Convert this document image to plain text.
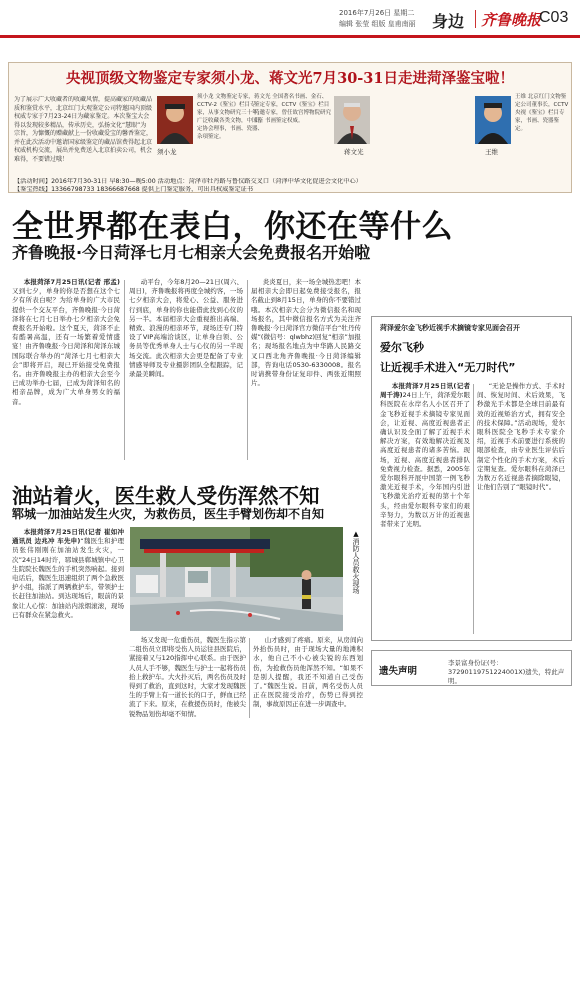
2016年7月26日 星期二
编辑 张莹 组版 皇甫南丽 身边 齐鲁晚报
C03
央视顶级文物鉴定专家须小龙、蒋文光7月30-31日走进菏泽鉴宝啦！
为了展示广大收藏者的收藏风情，提高藏家的收藏品质和鉴赏水平，北京红门大观鉴定公司特邀国内顶级权威专家于7月23-24日为藏家鉴定。本次鉴宝大会得以发现较多精品，传承历史，弘扬文化“慧眼”为宗旨，为慷慨的赠藏献上一份收藏爱宝的馨香鉴定，并在此次活动中邀请国家级鉴定的藏品馆费得起北京权威机构交流，展出并免费送入北京拍卖公司，机会难得，不要错过哦！
须小龙
须小龙 文物鉴定专家，CCTV-2《鉴宝》栏目专家，从事文物研究三十年，广泛收藏各类文物，中国鉴定协会理事，书画、瓷器、杂项鉴定。
蒋文光
蒋文光 全国著名书画、金石、鉴定专家，CCTV《鉴宝》栏目特邀专家，曾任故宫博物院研究员，书画鉴定权威。
王维
王维 北京红门文物鉴定公司董事长，CCTV央视《鉴宝》栏目专家，书画、瓷器鉴定。
【活动时间】2016年7月30-31日 早8:30—晚5:00 活动地点：菏泽市牡丹路与鲁仪路交叉口（菏泽中华文化促进会文化中心）
【鉴宝热线】13366798733 18366687668 提供上门鉴定服务，可出具权威鉴定证书
全世界都在表白，你还在等什么
齐鲁晚报·今日菏泽七月七相亲大会免费报名开始啦

本报菏泽7月25日讯(记者 邢孟)又到七夕，单身的你是否想在这个七夕有所表白呢？为给单身的广大市民提供一个交友平台，齐鲁晚报·今日菏泽将在七月七日举办七夕相亲大会免费报名开始啦。这个夏天，菏泽不止有酷暑高温，还有一场繁着爱情盛宴！由齐鲁晚报·今日菏泽和菏泽东城国际联合举办的“菏泽七月七相亲大会”即将开启，现已开始接受免费报名。由齐鲁晚报主办的相亲大会至今已成功举办七届，已成为菏泽知名的相亲品牌，成为广大单身男女的福音。

动平台，今年8月20—21日(周六、周日)，齐鲁晚报将再度全城约客，一场七夕相亲大会，将爱心、公益、服务进行到底，单身的你也能借此找到心仪的另一半。本届相亲大会重视推出高端、精致、浪漫的相亲环节，现场还专门特设了VIP高端洽谈区，让单身白领、公务员等优秀单身人士与心仪的另一半现场交流。此次相亲大会更是配备了专业情感导师及专业摄影团队全程跟踪，记录最美瞬间。

炎炎夏日，来一场全城热恋吧！本届相亲大会即日起免费接受报名，报名截止到8月15日，单身的你不要错过哦。本次相亲大会分为微信报名和现场报名，其中微信报名方式为关注齐鲁晚报·今日菏泽官方微信平台“牡丹传媒”(微信号：qlwbhz)回复“相亲”加报名；现场报名地点为中华路人民路交叉口西北角齐鲁晚报·今日菏泽编辑部，咨询电话0530-6330008。报名时请携带身份证复印件、两张近期照片。

菏泽爱尔金飞秒近视手术摘镜专家见面会召开
爱尔飞秒
让近视手术进入“无刀时代”

本报菏泽7月25日讯(记者 周千涛)24日上午，菏泽爱尔眼科医院在水岸名人小区召开了金飞秒近视手术摘镜专家见面会，让近视、高度近视患者正确认识及全面了解了近视手术解决方案，有效地解决近视及高度近视患者的诸多苦恼。现场，近视、高度近视患者排队免费视力检查。据悉，2005年爱尔眼科开展中国第一例飞秒激光近视手术，今年国内引进飞秒激光治疗近视的第十个年头，经由爱尔眼科专家们的艰辛努力，为数以万计的近视患者带来了光明。

“无论是操作方式、手术时间、恢复时间、术后效果，飞秒激光手术都是全球目前最有效的近视矫治方式，拥有安全的技术保障。”活动现场，爱尔眼科医院全飞秒手术专家介绍，近视手术前要进行系统的眼部检查，由专业医生评估后制定个性化的手术方案，术后定期复查。爱尔眼科在菏泽已为数万名近视患者摘除眼镜，让他们告别了“眼镜时代”。

遗失声明
李景富身份证(号：37290119751224001X)遗失，特此声明。
油站着火，医生救人受伤浑然不知
郓城一加油站发生火灾，为救伤员，医生手臂划伤却不自知

本报菏泽7月25日讯(记者 崔如冲 通讯员 边兆冲 车先申)“魏医生和护理员张伟刚刚在加油站发生火灾，一次”24日14时许，郓城县郸城镇中心卫生院院长魏医生的手机突然响起。接到电话后，魏医生迅速组织了两个急救医护小组，指派了两辆救护车，带领护士长赶往加油站。到达现场后，眼前的景象让人心惊：加油站内浓烟滚滚，现场已有群众在紧急救火。

▲消防人员救火现场

场又发现一危重伤员，魏医生指示第二组伤员立即将受伤人员运往县医院后，紧接着又与120指挥中心联系。由于医护人员人手不够，魏医生与护士一起将伤员抬上救护车。大火扑灭后，两名伤员及时得到了救治，直到这时，大家才发现魏医生的手臂上有一道长长的口子，鲜血已经流了下来。原来，在救援伤员时，他被尖锐物品划伤却毫不知情。

山才感到了疼痛。原来，从房间向外抬伤员时，由于现场大量的地滩积水，他自己不小心被尖锐的东西划伤，为抢救伤员他浑然不知。“如果不是别人提醒，我还不知道自己受伤了。”魏医生说。目前，两名受伤人员正在医院接受治疗，伤势已得到控制，事故原因正在进一步调查中。
